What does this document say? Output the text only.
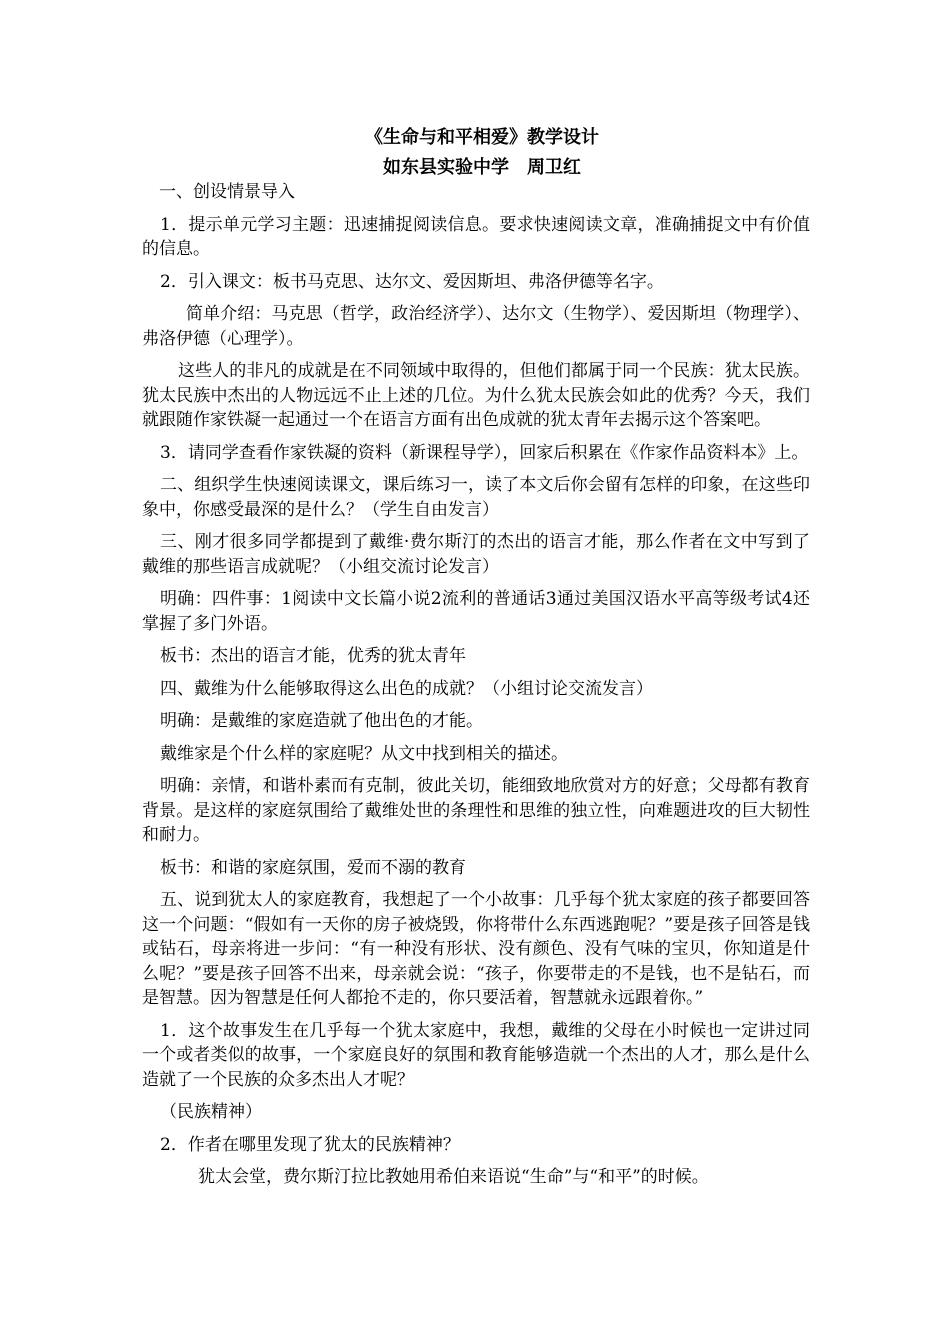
《生命与和平相爱》教学设计
如东县实验中学　周卫红

一、创设情景导入

1．提示单元学习主题：迅速捕捉阅读信息。要求快速阅读文章，准确捕捉文中有价值的信息。

2．引入课文：板书马克思、达尔文、爱因斯坦、弗洛伊德等名字。

简单介绍：马克思（哲学，政治经济学）、达尔文（生物学）、爱因斯坦（物理学）、弗洛伊德（心理学）。

这些人的非凡的成就是在不同领域中取得的，但他们都属于同一个民族：犹太民族。犹太民族中杰出的人物远远不止上述的几位。为什么犹太民族会如此的优秀？今天，我们就跟随作家铁凝一起通过一个在语言方面有出色成就的犹太青年去揭示这个答案吧。

3．请同学查看作家铁凝的资料（新课程导学），回家后积累在《作家作品资料本》上。

二、组织学生快速阅读课文，课后练习一，读了本文后你会留有怎样的印象，在这些印象中，你感受最深的是什么？（学生自由发言）

三、刚才很多同学都提到了戴维·费尔斯汀的杰出的语言才能，那么作者在文中写到了戴维的那些语言成就呢？（小组交流讨论发言）

明确：四件事：1阅读中文长篇小说2流利的普通话3通过美国汉语水平高等级考试4还掌握了多门外语。

板书：杰出的语言才能，优秀的犹太青年

四、戴维为什么能够取得这么出色的成就？（小组讨论交流发言）

明确：是戴维的家庭造就了他出色的才能。

戴维家是个什么样的家庭呢？从文中找到相关的描述。

明确：亲情，和谐朴素而有克制，彼此关切，能细致地欣赏对方的好意；父母都有教育背景。是这样的家庭氛围给了戴维处世的条理性和思维的独立性，向难题进攻的巨大韧性和耐力。

板书：和谐的家庭氛围，爱而不溺的教育

五、说到犹太人的家庭教育，我想起了一个小故事：几乎每个犹太家庭的孩子都要回答这一个问题：“假如有一天你的房子被烧毁，你将带什么东西逃跑呢？”要是孩子回答是钱或钻石，母亲将进一步问：“有一种没有形状、没有颜色、没有气味的宝贝，你知道是什么呢？”要是孩子回答不出来，母亲就会说：“孩子，你要带走的不是钱，也不是钻石，而是智慧。因为智慧是任何人都抢不走的，你只要活着，智慧就永远跟着你。”

1．这个故事发生在几乎每一个犹太家庭中，我想，戴维的父母在小时候也一定讲过同一个或者类似的故事，一个家庭良好的氛围和教育能够造就一个杰出的人才，那么是什么造就了一个民族的众多杰出人才呢？

（民族精神）

2．作者在哪里发现了犹太的民族精神？

犹太会堂，费尔斯汀拉比教她用希伯来语说“生命”与“和平”的时候。
